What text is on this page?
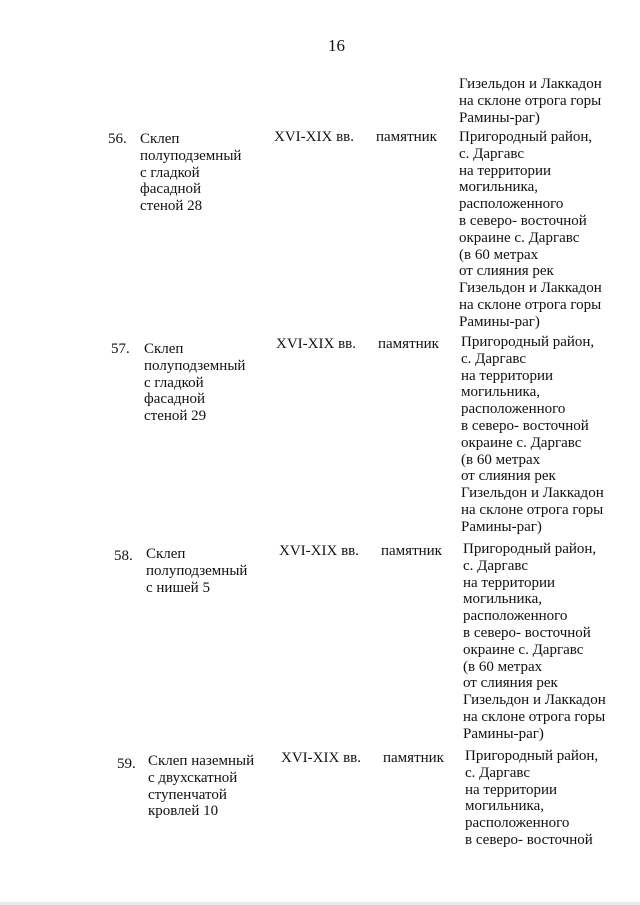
16
Гизельдон и Лаккадон
на склоне отрога горы
Рамины-раг)
56. Склеп
полуподземный
с гладкой
фасадной
стеной 28
XVI-XIX вв. памятник Пригородный район,
с. Даргавс
на территории
могильника,
расположенного
в северо- восточной
окраине с. Даргавс
(в 60 метрах
от слияния рек
Гизельдон и Лаккадон
на склоне отрога горы
Рамины-раг)
57. Склеп
полуподземный
с гладкой
фасадной
стеной 29
XVI-XIX вв. памятник Пригородный район,
с. Даргавс
на территории
могильника,
расположенного
в северо- восточной
окраине с. Даргавс
(в 60 метрах
от слияния рек
Гизельдон и Лаккадон
на склоне отрога горы
Рамины-раг)
58. Склеп
полуподземный
с нишей 5
XVI-XIX вв. памятник Пригородный район,
с. Даргавс
на территории
могильника,
расположенного
в северо- восточной
окраине с. Даргавс
(в 60 метрах
от слияния рек
Гизельдон и Лаккадон
на склоне отрога горы
Рамины-раг)
59. Склеп наземный
с двухскатной
ступенчатой
кровлей 10
XVI-XIX вв. памятник Пригородный район,
с. Даргавс
на территории
могильника,
расположенного
в северо- восточной
